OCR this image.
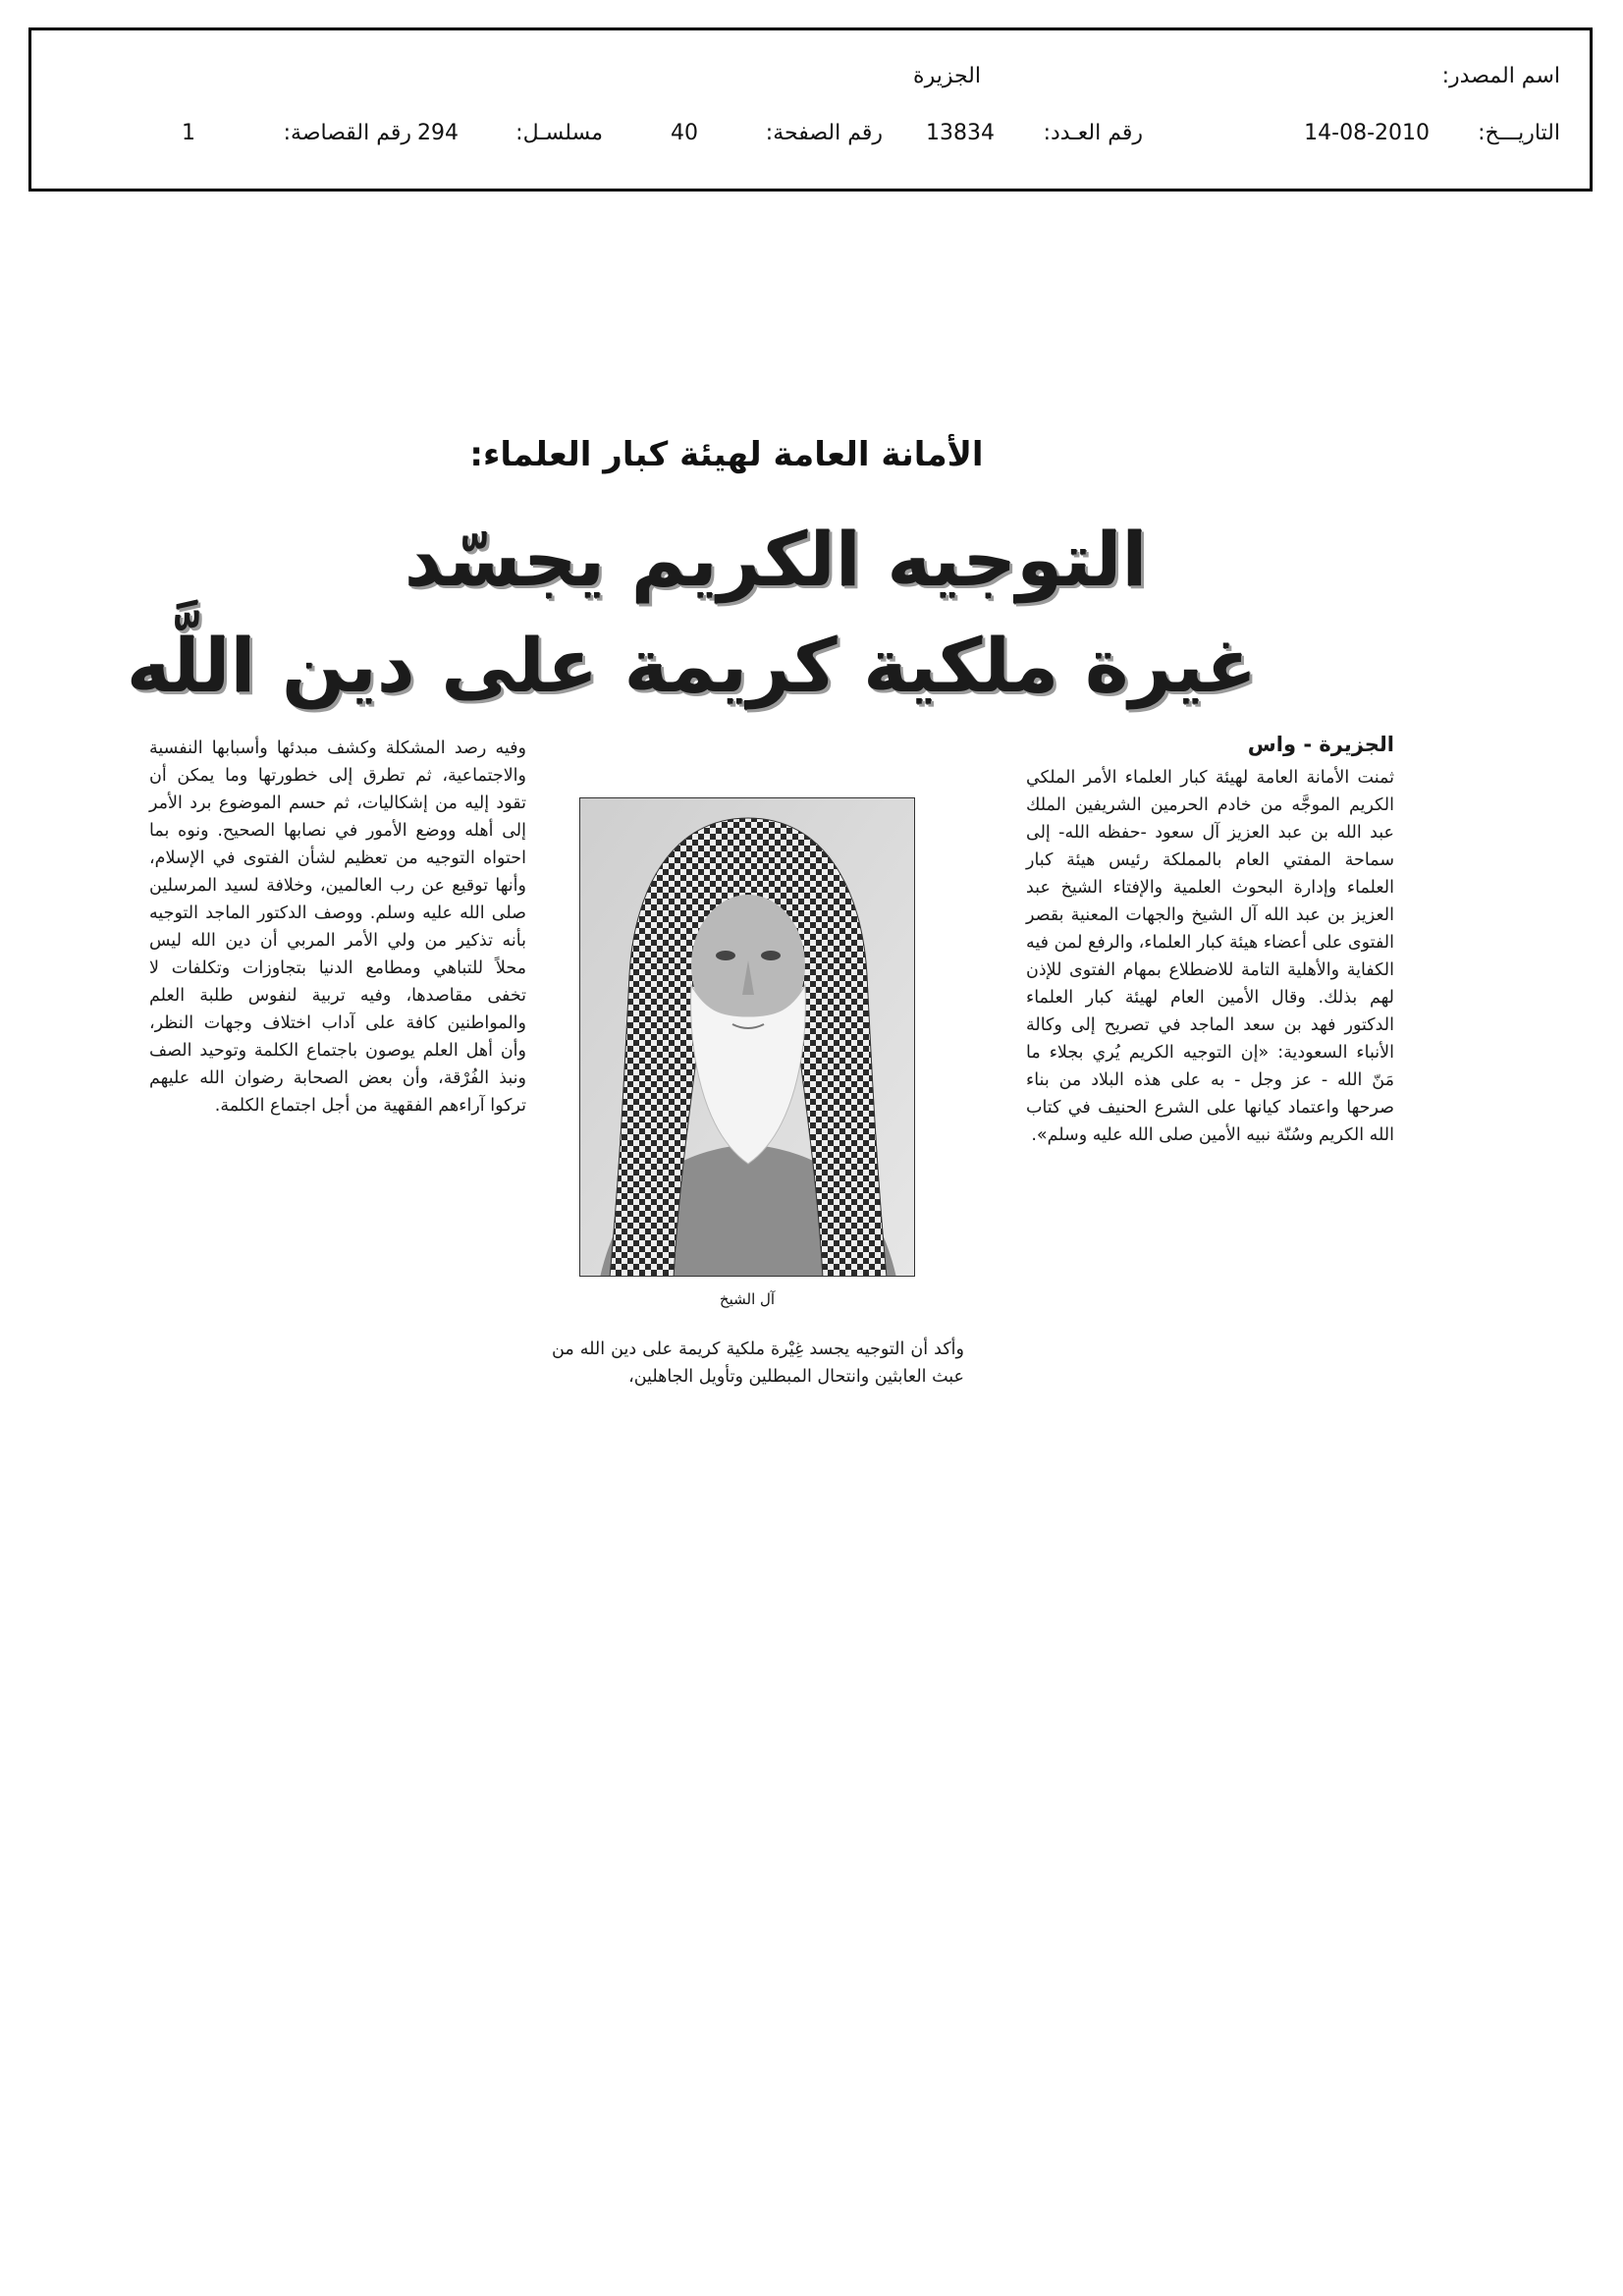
اسم المصدر:
الجزيرة
التاريـــخ:
14-08-2010
رقم العـدد:
13834
رقم الصفحة:
40
مسلسـل:
294
رقم القصاصة:
1
الأمانة العامة لهيئة كبار العلماء:
التوجيه الكريم يجسّد
غيرة ملكية كريمة على دين اللَّه

الجزيرة - واس

ثمنت الأمانة العامة لهيئة كبار العلماء الأمر الملكي الكريم الموجَّه من خادم الحرمين الشريفين الملك عبد الله بن عبد العزيز آل سعود -حفظه الله- إلى سماحة المفتي العام بالمملكة رئيس هيئة كبار العلماء وإدارة البحوث العلمية والإفتاء الشيخ عبد العزيز بن عبد الله آل الشيخ والجهات المعنية بقصر الفتوى على أعضاء هيئة كبار العلماء، والرفع لمن فيه الكفاية والأهلية التامة للاضطلاع بمهام الفتوى للإذن لهم بذلك. وقال الأمين العام لهيئة كبار العلماء الدكتور فهد بن سعد الماجد في تصريح إلى وكالة الأنباء السعودية: «إن التوجيه الكريم يُري بجلاء ما مَنّ الله - عز وجل - به على هذه البلاد من بناء صرحها واعتماد كيانها على الشرع الحنيف في كتاب الله الكريم وسُنّة نبيه الأمين صلى الله عليه وسلم».

آل الشيخ

وأكد أن التوجيه يجسد غِيْرة ملكية كريمة على دين الله من عبث العابثين وانتحال المبطلين وتأويل الجاهلين،

وفيه رصد المشكلة وكشف مبدئها وأسبابها النفسية والاجتماعية، ثم تطرق إلى خطورتها وما يمكن أن تقود إليه من إشكاليات، ثم حسم الموضوع برد الأمر إلى أهله ووضع الأمور في نصابها الصحيح. ونوه بما احتواه التوجيه من تعظيم لشأن الفتوى في الإسلام، وأنها توقيع عن رب العالمين، وخلافة لسيد المرسلين صلى الله عليه وسلم. ووصف الدكتور الماجد التوجيه بأنه تذكير من ولي الأمر المربي أن دين الله ليس محلاً للتباهي ومطامع الدنيا بتجاوزات وتكلفات لا تخفى مقاصدها، وفيه تربية لنفوس طلبة العلم والمواطنين كافة على آداب اختلاف وجهات النظر، وأن أهل العلم يوصون باجتماع الكلمة وتوحيد الصف ونبذ الفُرْقة، وأن بعض الصحابة رضوان الله عليهم تركوا آراءهم الفقهية من أجل اجتماع الكلمة.
